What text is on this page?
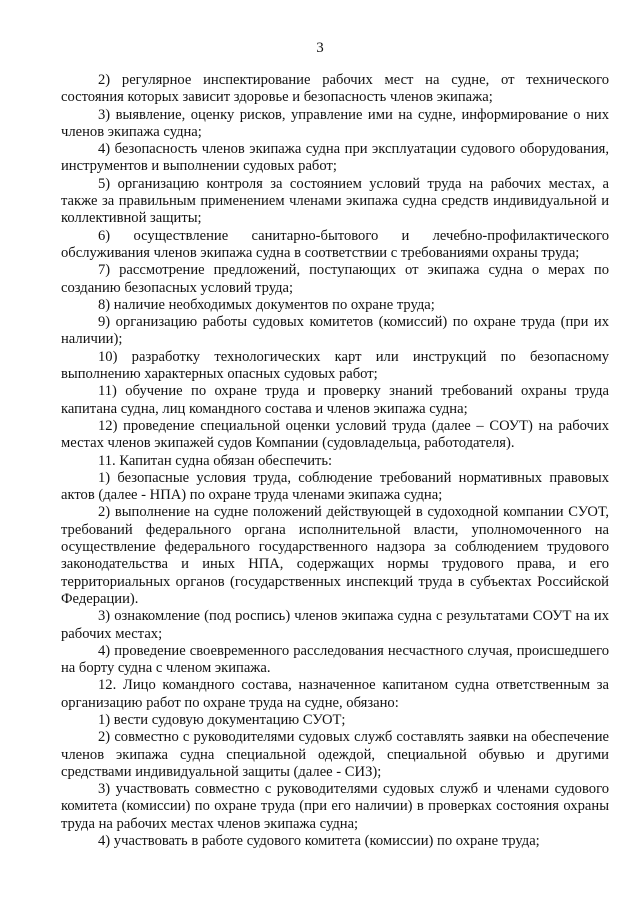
3

2) регулярное инспектирование рабочих мест на судне, от технического состояния которых зависит здоровье и безопасность членов экипажа;

3) выявление, оценку рисков, управление ими на судне, информирование о них членов экипажа судна;

4) безопасность членов экипажа судна при эксплуатации судового оборудования, инструментов и выполнении судовых работ;

5) организацию контроля за состоянием условий труда на рабочих местах, а также за правильным применением членами экипажа судна средств индивидуальной и коллективной защиты;

6) осуществление санитарно-бытового и лечебно-профилактического обслуживания членов экипажа судна в соответствии с требованиями охраны труда;

7) рассмотрение предложений, поступающих от экипажа судна о мерах по созданию безопасных условий труда;

8) наличие необходимых документов по охране труда;

9) организацию работы судовых комитетов (комиссий) по охране труда (при их наличии);

10) разработку технологических карт или инструкций по безопасному выполнению характерных опасных судовых работ;

11) обучение по охране труда и проверку знаний требований охраны труда капитана судна, лиц командного состава и членов экипажа судна;

12) проведение специальной оценки условий труда (далее – СОУТ) на рабочих местах членов экипажей судов Компании (судовладельца, работодателя).

11. Капитан судна обязан обеспечить:

1) безопасные условия труда, соблюдение требований нормативных правовых актов (далее - НПА) по охране труда членами экипажа судна;

2) выполнение на судне положений действующей в судоходной компании СУОТ, требований федерального органа исполнительной власти, уполномоченного на осуществление федерального государственного надзора за соблюдением трудового законодательства и иных НПА, содержащих нормы трудового права, и его территориальных органов (государственных инспекций труда в субъектах Российской Федерации).

3) ознакомление (под роспись) членов экипажа судна с результатами СОУТ на их рабочих местах;

4) проведение своевременного расследования несчастного случая, происшедшего на борту судна с членом экипажа.

12. Лицо командного состава, назначенное капитаном судна ответственным за организацию работ по охране труда на судне, обязано:

1) вести судовую документацию СУОТ;

2) совместно с руководителями судовых служб составлять заявки на обеспечение членов экипажа судна специальной одеждой, специальной обувью и другими средствами индивидуальной защиты (далее - СИЗ);

3) участвовать совместно с руководителями судовых служб и членами судового комитета (комиссии) по охране труда (при его наличии) в проверках состояния охраны труда на рабочих местах членов экипажа судна;

4) участвовать в работе судового комитета (комиссии) по охране труда;
